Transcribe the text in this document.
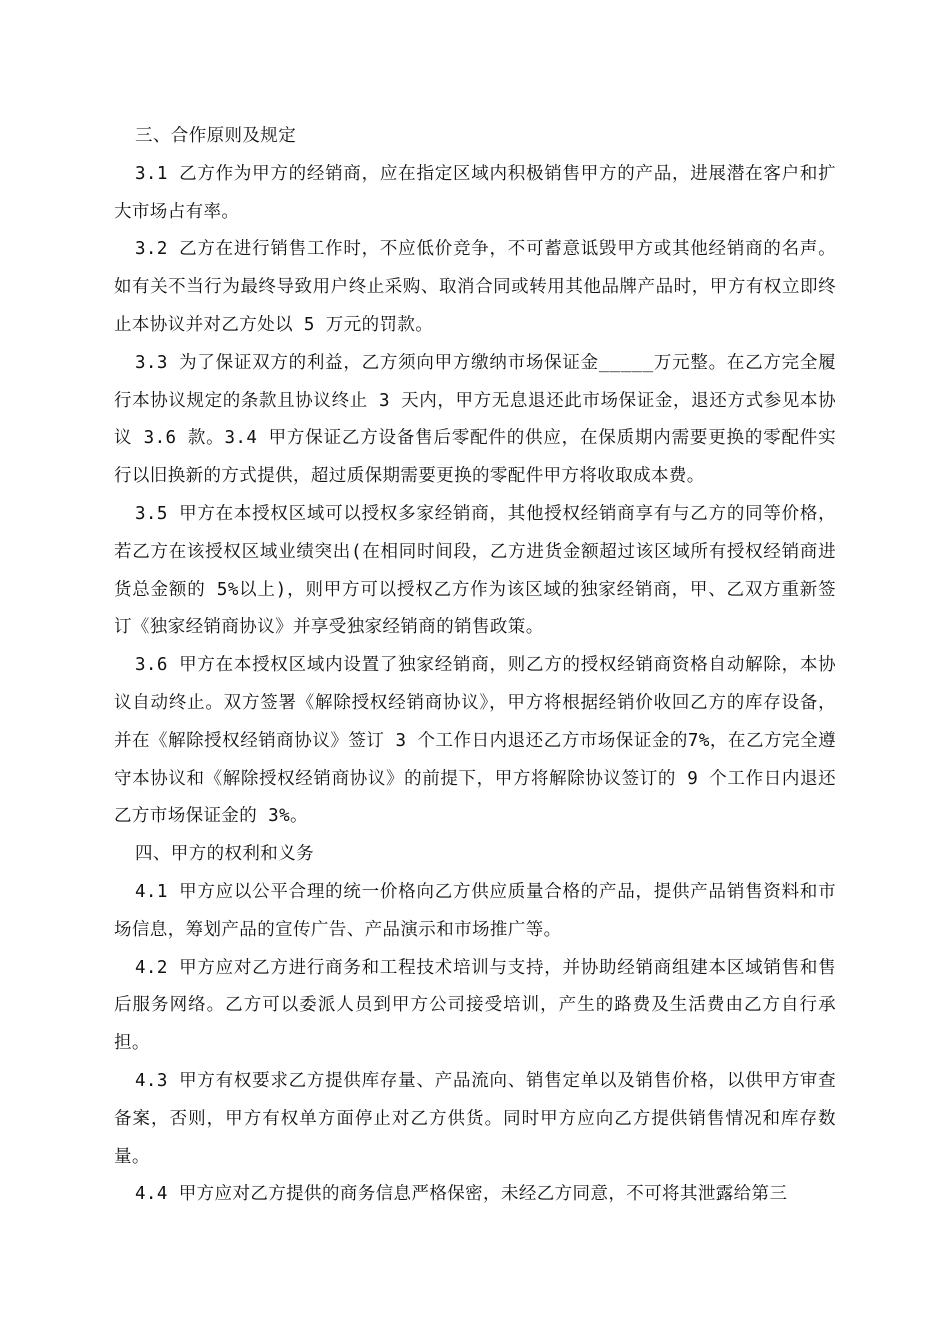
三、合作原则及规定

3.1 乙方作为甲方的经销商，应在指定区域内积极销售甲方的产品，进展潜在客户和扩大市场占有率。

3.2 乙方在进行销售工作时，不应低价竞争，不可蓄意诋毁甲方或其他经销商的名声。如有关不当行为最终导致用户终止采购、取消合同或转用其他品牌产品时，甲方有权立即终止本协议并对乙方处以 5 万元的罚款。

3.3 为了保证双方的利益，乙方须向甲方缴纳市场保证金_____万元整。在乙方完全履行本协议规定的条款且协议终止 3 天内，甲方无息退还此市场保证金，退还方式参见本协议 3.6 款。3.4 甲方保证乙方设备售后零配件的供应，在保质期内需要更换的零配件实行以旧换新的方式提供，超过质保期需要更换的零配件甲方将收取成本费。

3.5 甲方在本授权区域可以授权多家经销商，其他授权经销商享有与乙方的同等价格，若乙方在该授权区域业绩突出(在相同时间段，乙方进货金额超过该区域所有授权经销商进货总金额的 5%以上)，则甲方可以授权乙方作为该区域的独家经销商，甲、乙双方重新签订《独家经销商协议》并享受独家经销商的销售政策。

3.6 甲方在本授权区域内设置了独家经销商，则乙方的授权经销商资格自动解除，本协议自动终止。双方签署《解除授权经销商协议》，甲方将根据经销价收回乙方的库存设备，并在《解除授权经销商协议》签订 3 个工作日内退还乙方市场保证金的7%，在乙方完全遵守本协议和《解除授权经销商协议》的前提下，甲方将解除协议签订的 9 个工作日内退还乙方市场保证金的 3%。

四、甲方的权利和义务

4.1 甲方应以公平合理的统一价格向乙方供应质量合格的产品，提供产品销售资料和市场信息，筹划产品的宣传广告、产品演示和市场推广等。

4.2 甲方应对乙方进行商务和工程技术培训与支持，并协助经销商组建本区域销售和售后服务网络。乙方可以委派人员到甲方公司接受培训，产生的路费及生活费由乙方自行承担。

4.3 甲方有权要求乙方提供库存量、产品流向、销售定单以及销售价格，以供甲方审查备案，否则，甲方有权单方面停止对乙方供货。同时甲方应向乙方提供销售情况和库存数量。

4.4 甲方应对乙方提供的商务信息严格保密，未经乙方同意，不可将其泄露给第三
